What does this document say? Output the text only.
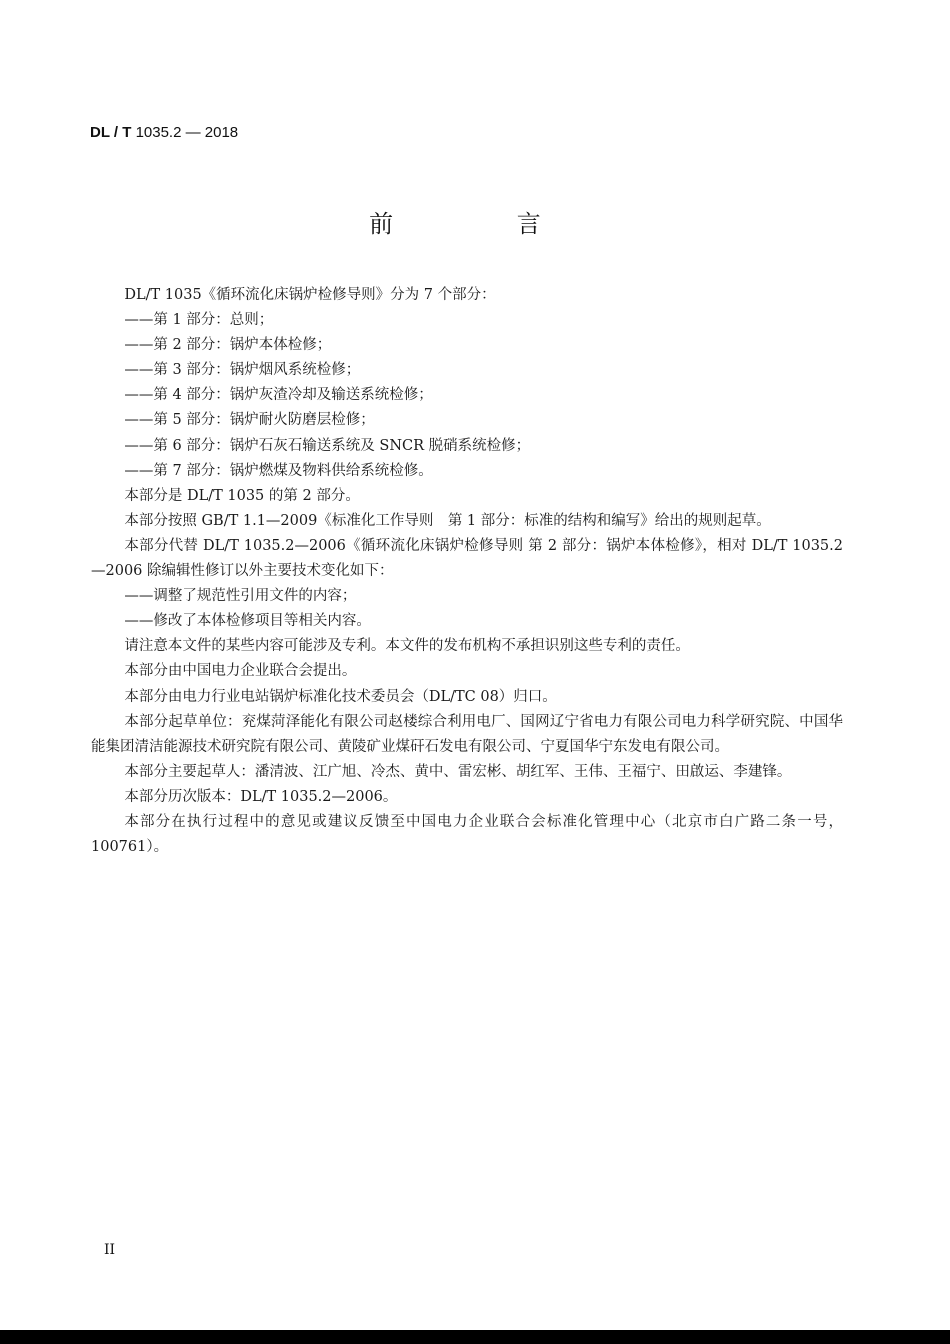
DL / T 1035.2 — 2018
前 言

DL/T 1035《循环流化床锅炉检修导则》分为 7 个部分：

——第 1 部分：总则；

——第 2 部分：锅炉本体检修；

——第 3 部分：锅炉烟风系统检修；

——第 4 部分：锅炉灰渣冷却及输送系统检修；

——第 5 部分：锅炉耐火防磨层检修；

——第 6 部分：锅炉石灰石输送系统及 SNCR 脱硝系统检修；

——第 7 部分：锅炉燃煤及物料供给系统检修。

本部分是 DL/T 1035 的第 2 部分。

本部分按照 GB/T 1.1—2009《标准化工作导则　第 1 部分：标准的结构和编写》给出的规则起草。

本部分代替 DL/T 1035.2—2006《循环流化床锅炉检修导则 第 2 部分：锅炉本体检修》，相对 DL/T 1035.2—2006 除编辑性修订以外主要技术变化如下：

——调整了规范性引用文件的内容；

——修改了本体检修项目等相关内容。

请注意本文件的某些内容可能涉及专利。本文件的发布机构不承担识别这些专利的责任。

本部分由中国电力企业联合会提出。

本部分由电力行业电站锅炉标准化技术委员会（DL/TC 08）归口。

本部分起草单位：兖煤菏泽能化有限公司赵楼综合利用电厂、国网辽宁省电力有限公司电力科学研究院、中国华能集团清洁能源技术研究院有限公司、黄陵矿业煤矸石发电有限公司、宁夏国华宁东发电有限公司。

本部分主要起草人：潘清波、江广旭、冷杰、黄中、雷宏彬、胡红军、王伟、王福宁、田啟运、李建锋。

本部分历次版本：DL/T 1035.2—2006。

本部分在执行过程中的意见或建议反馈至中国电力企业联合会标准化管理中心（北京市白广路二条一号，100761）。

II
